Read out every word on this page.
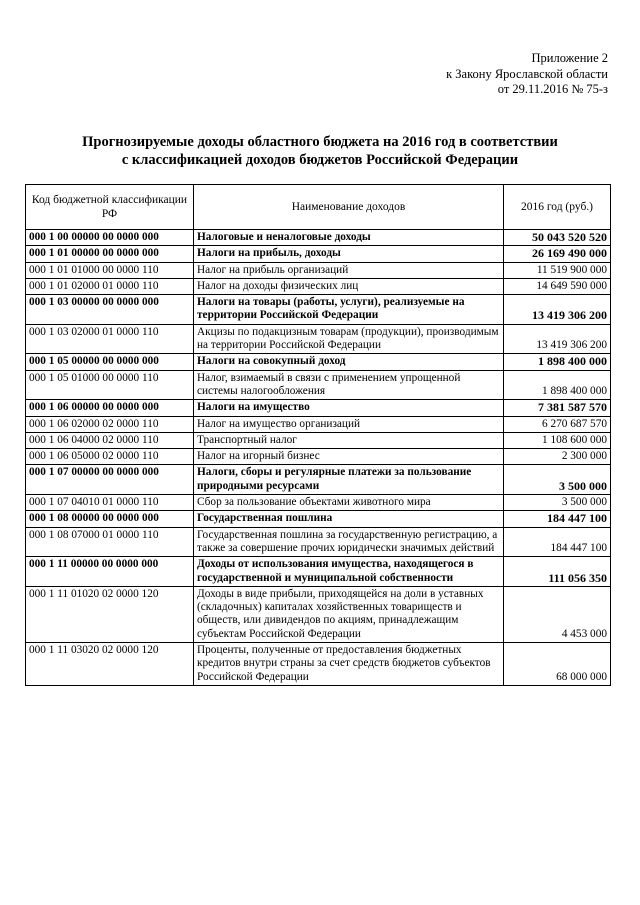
Приложение 2
к Закону Ярославской области
от 29.11.2016 № 75-з
Прогнозируемые доходы областного бюджета на 2016 год в соответствии
с классификацией доходов бюджетов Российской Федерации
Код бюджетной классификации РФ	Наименование доходов	2016 год (руб.)
000 1 00 00000 00 0000 000	Налоговые и неналоговые доходы	50 043 520 520
000 1 01 00000 00 0000 000	Налоги на прибыль, доходы	26 169 490 000
000 1 01 01000 00 0000 110	Налог на прибыль организаций	11 519 900 000
000 1 01 02000 01 0000 110	Налог на доходы физических лиц	14 649 590 000
000 1 03 00000 00 0000 000	Налоги на товары (работы, услуги), реализуемые на территории Российской Федерации	13 419 306 200
000 1 03 02000 01 0000 110	Акцизы по подакцизным товарам (продукции), производимым на территории Российской Федерации	13 419 306 200
000 1 05 00000 00 0000 000	Налоги на совокупный доход	1 898 400 000
000 1 05 01000 00 0000 110	Налог, взимаемый в связи с применением упрощенной системы налогообложения	1 898 400 000
000 1 06 00000 00 0000 000	Налоги на имущество	7 381 587 570
000 1 06 02000 02 0000 110	Налог на имущество организаций	6 270 687 570
000 1 06 04000 02 0000 110	Транспортный налог	1 108 600 000
000 1 06 05000 02 0000 110	Налог на игорный бизнес	2 300 000
000 1 07 00000 00 0000 000	Налоги, сборы и регулярные платежи за пользование природными ресурсами	3 500 000
000 1 07 04010 01 0000 110	Сбор за пользование объектами животного мира	3 500 000
000 1 08 00000 00 0000 000	Государственная пошлина	184 447 100
000 1 08 07000 01 0000 110	Государственная пошлина за государственную регистрацию, а также за совершение прочих юридически значимых действий	184 447 100
000 1 11 00000 00 0000 000	Доходы от использования имущества, находящегося в государственной и муниципальной собственности	111 056 350
000 1 11 01020 02 0000 120	Доходы в виде прибыли, приходящейся на доли в уставных (складочных) капиталах хозяйственных товариществ и обществ, или дивидендов по акциям, принадлежащим субъектам Российской Федерации	4 453 000
000 1 11 03020 02 0000 120	Проценты, полученные от предоставления бюджетных кредитов внутри страны за счет средств бюджетов субъектов Российской Федерации	68 000 000
